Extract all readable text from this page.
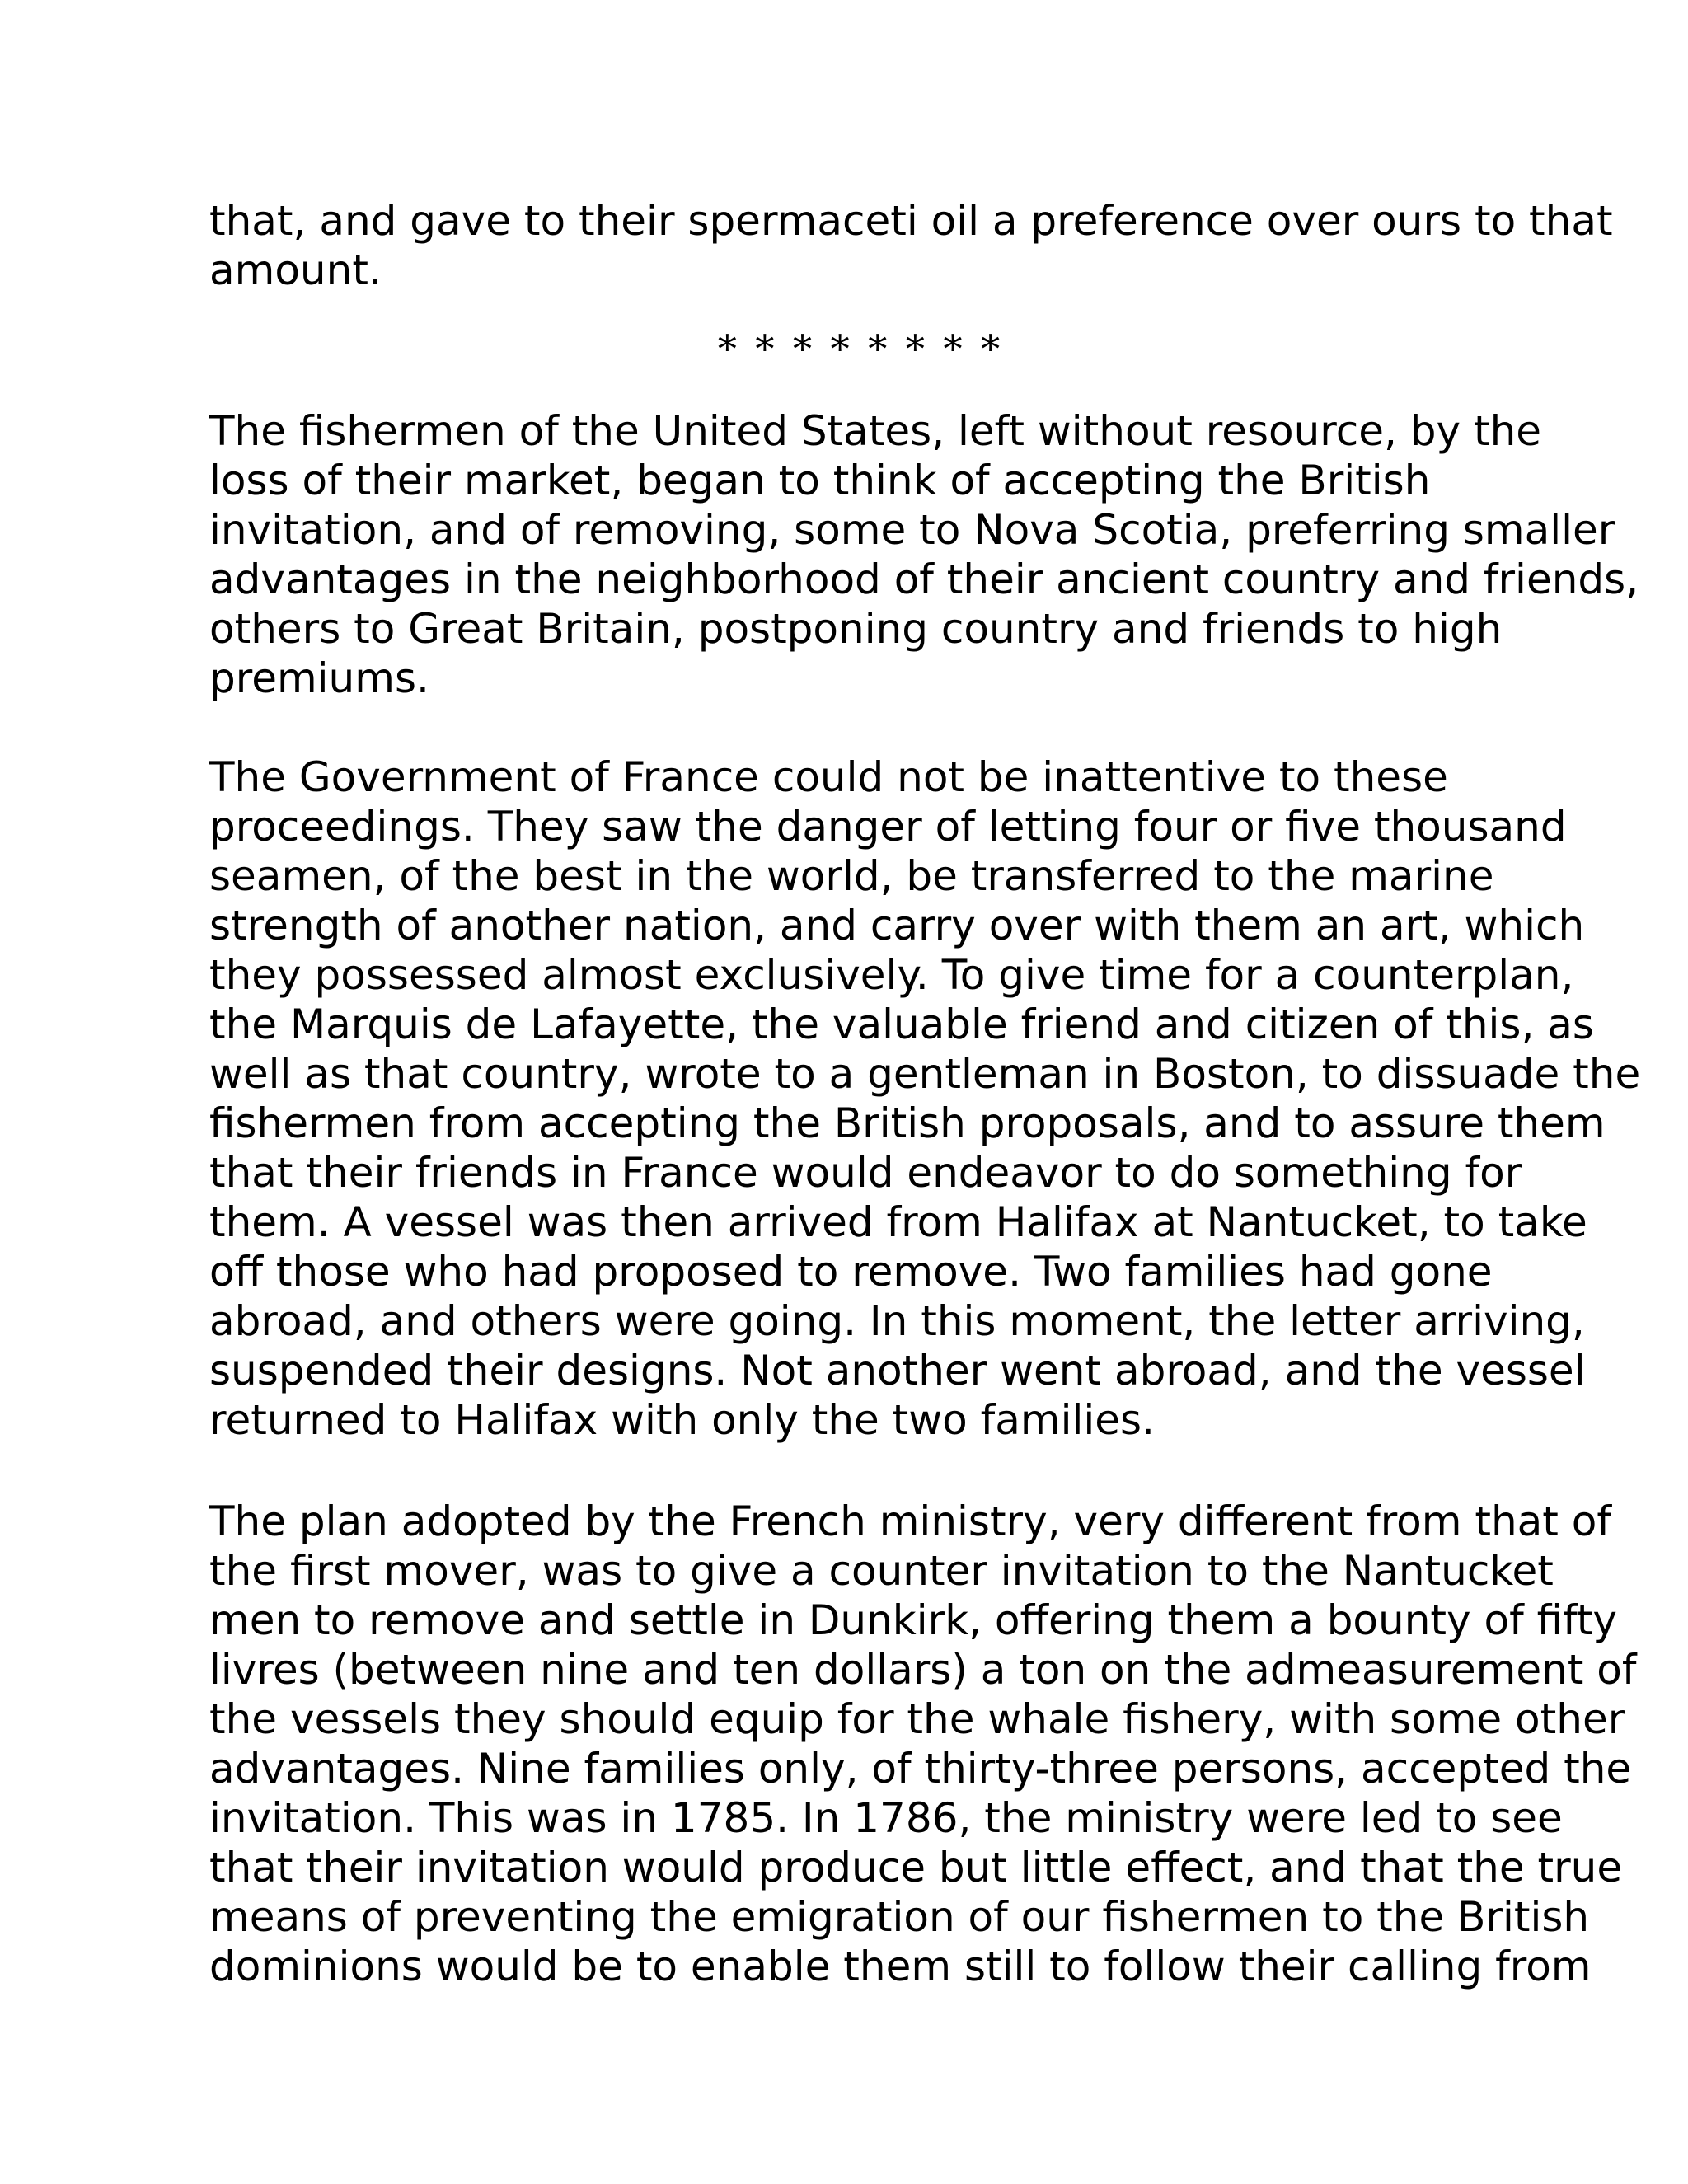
that, and gave to their spermaceti oil a preference over ours to that
amount.
* * * * * * * *
The fishermen of the United States, left without resource, by the
loss of their market, began to think of accepting the British
invitation, and of removing, some to Nova Scotia, preferring smaller
advantages in the neighborhood of their ancient country and friends,
others to Great Britain, postponing country and friends to high
premiums.
The Government of France could not be inattentive to these
proceedings. They saw the danger of letting four or five thousand
seamen, of the best in the world, be transferred to the marine
strength of another nation, and carry over with them an art, which
they possessed almost exclusively. To give time for a counterplan,
the Marquis de Lafayette, the valuable friend and citizen of this, as
well as that country, wrote to a gentleman in Boston, to dissuade the
fishermen from accepting the British proposals, and to assure them
that their friends in France would endeavor to do something for
them. A vessel was then arrived from Halifax at Nantucket, to take
off those who had proposed to remove. Two families had gone
abroad, and others were going. In this moment, the letter arriving,
suspended their designs. Not another went abroad, and the vessel
returned to Halifax with only the two families.
The plan adopted by the French ministry, very different from that of
the first mover, was to give a counter invitation to the Nantucket
men to remove and settle in Dunkirk, offering them a bounty of fifty
livres (between nine and ten dollars) a ton on the admeasurement of
the vessels they should equip for the whale fishery, with some other
advantages. Nine families only, of thirty-three persons, accepted the
invitation. This was in 1785. In 1786, the ministry were led to see
that their invitation would produce but little effect, and that the true
means of preventing the emigration of our fishermen to the British
dominions would be to enable them still to follow their calling from
